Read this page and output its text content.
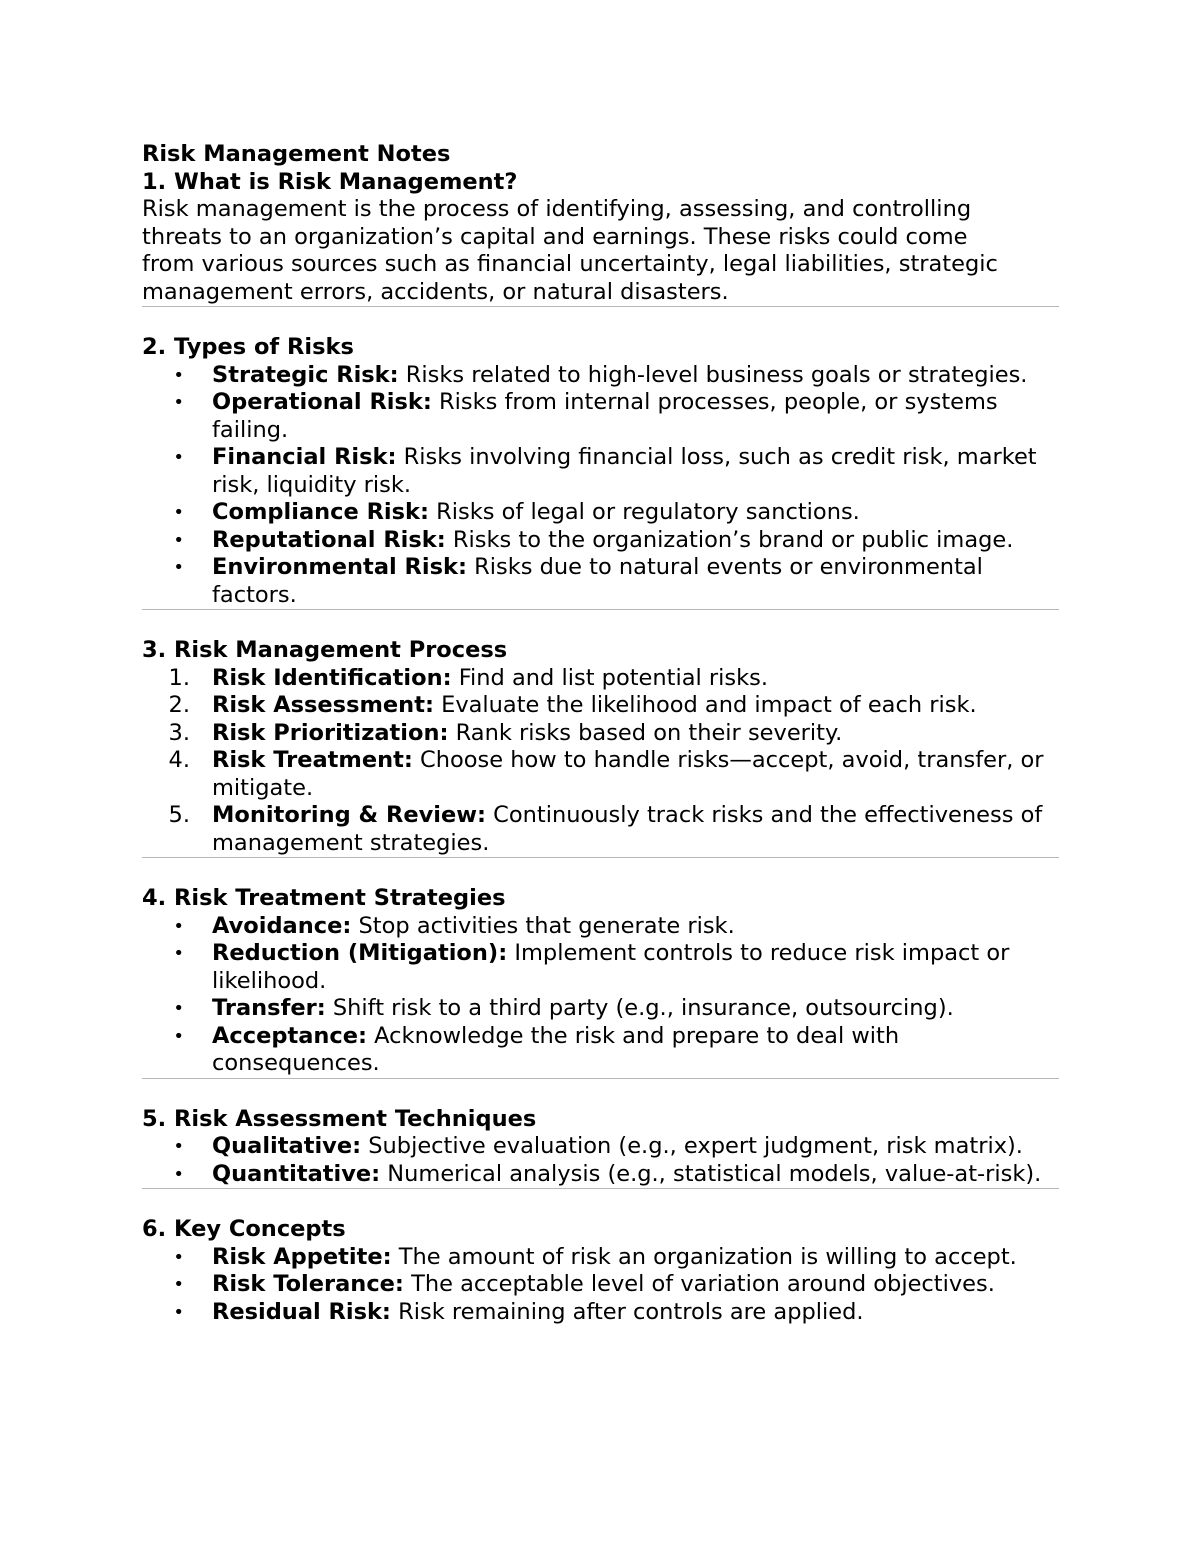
Risk Management Notes

1. What is Risk Management?

Risk management is the process of identifying, assessing, and controlling

threats to an organization’s capital and earnings. These risks could come

from various sources such as financial uncertainty, legal liabilities, strategic

management errors, accidents, or natural disasters.

2. Types of Risks

• Strategic Risk: Risks related to high-level business goals or strategies.
• Operational Risk: Risks from internal processes, people, or systems failing.
• Financial Risk: Risks involving financial loss, such as credit risk, market risk, liquidity risk.
• Compliance Risk: Risks of legal or regulatory sanctions.
• Reputational Risk: Risks to the organization’s brand or public image.
• Environmental Risk: Risks due to natural events or environmental factors.

3. Risk Management Process

1. Risk Identification: Find and list potential risks.
2. Risk Assessment: Evaluate the likelihood and impact of each risk.
3. Risk Prioritization: Rank risks based on their severity.
4. Risk Treatment: Choose how to handle risks—accept, avoid, transfer, or mitigate.
5. Monitoring & Review: Continuously track risks and the effectiveness of management strategies.

4. Risk Treatment Strategies

• Avoidance: Stop activities that generate risk.
• Reduction (Mitigation): Implement controls to reduce risk impact or likelihood.
• Transfer: Shift risk to a third party (e.g., insurance, outsourcing).
• Acceptance: Acknowledge the risk and prepare to deal with consequences.

5. Risk Assessment Techniques

• Qualitative: Subjective evaluation (e.g., expert judgment, risk matrix).
• Quantitative: Numerical analysis (e.g., statistical models, value-at-risk).

6. Key Concepts

• Risk Appetite: The amount of risk an organization is willing to accept.
• Risk Tolerance: The acceptable level of variation around objectives.
• Residual Risk: Risk remaining after controls are applied.
